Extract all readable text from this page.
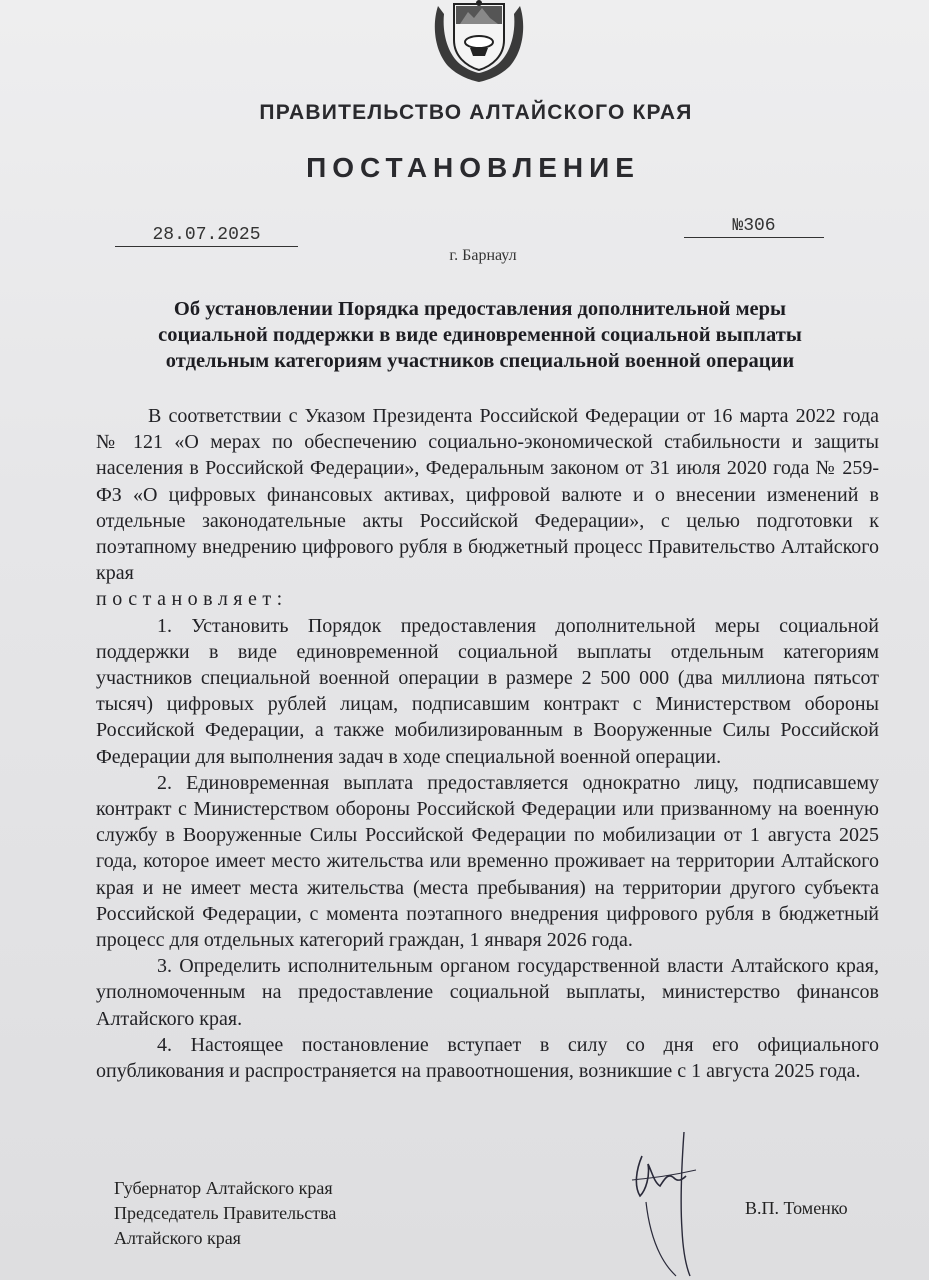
ПРАВИТЕЛЬСТВО АЛТАЙСКОГО КРАЯ
ПОСТАНОВЛЕНИЕ
28.07.2025	№306
г. Барнаул
Об установлении Порядка предоставления дополнительной меры
социальной поддержки в виде единовременной социальной выплаты
отдельным категориям участников специальной военной операции

В соответствии с Указом Президента Российской Федерации от 16 марта 2022 года № 121 «О мерах по обеспечению социально-экономической стабильности и защиты населения в Российской Федерации», Федеральным законом от 31 июля 2020 года № 259-ФЗ «О цифровых финансовых активах, цифровой валюте и о внесении изменений в отдельные законодательные акты Российской Федерации», с целью подготовки к поэтапному внедрению цифрового рубля в бюджетный процесс Правительство Алтайского края

постановляет:

1. Установить Порядок предоставления дополнительной меры социальной поддержки в виде единовременной социальной выплаты отдельным категориям участников специальной военной операции в размере 2 500 000 (два миллиона пятьсот тысяч) цифровых рублей лицам, подписавшим контракт с Министерством обороны Российской Федерации, а также мобилизированным в Вооруженные Силы Российской Федерации для выполнения задач в ходе специальной военной операции.

2. Единовременная выплата предоставляется однократно лицу, подписавшему контракт с Министерством обороны Российской Федерации или призванному на военную службу в Вооруженные Силы Российской Федерации по мобилизации от 1 августа 2025 года, которое имеет место жительства или временно проживает на территории Алтайского края и не имеет места жительства (места пребывания) на территории другого субъекта Российской Федерации, с момента поэтапного внедрения цифрового рубля в бюджетный процесс для отдельных категорий граждан, 1 января 2026 года.

3. Определить исполнительным органом государственной власти Алтайского края, уполномоченным на предоставление социальной выплаты, министерство финансов Алтайского края.

4. Настоящее постановление вступает в силу со дня его официального опубликования и распространяется на правоотношения, возникшие с 1 августа 2025 года.

Губернатор Алтайского края
Председатель Правительства
Алтайского края
В.П. Томенко
